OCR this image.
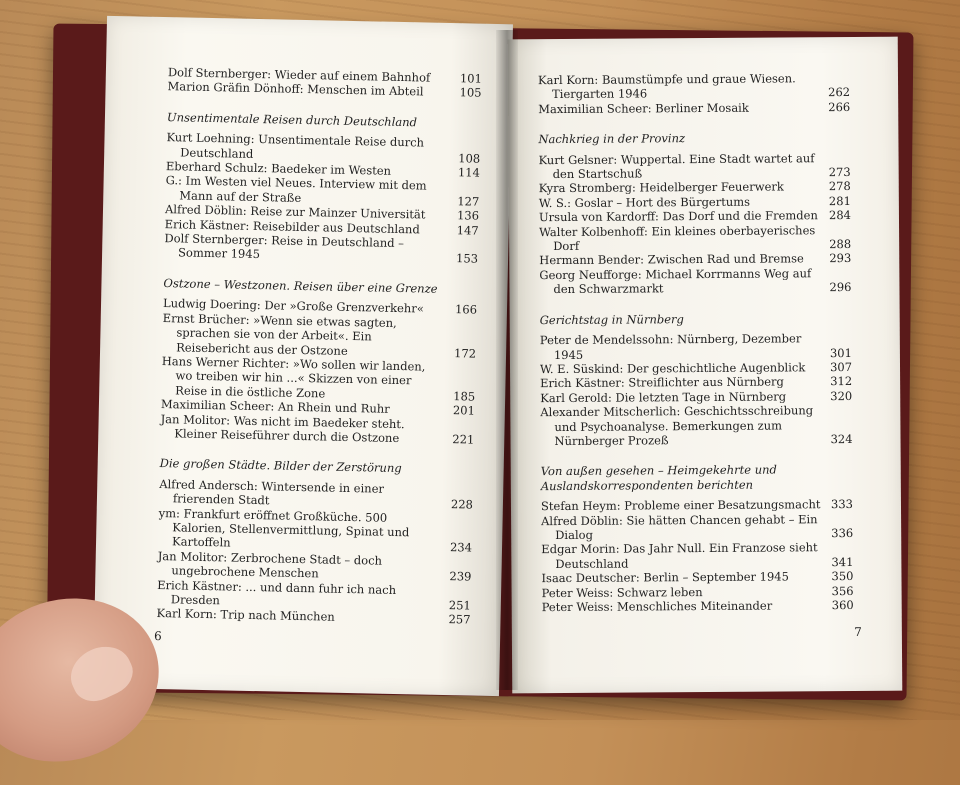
Dolf Sternberger: Wieder auf einem Bahnhof	101
Marion Gräfin Dönhoff: Menschen im Abteil	105
Unsentimentale Reisen durch Deutschland
Kurt Loehning: Unsentimentale Reise durch Deutschland	108
Eberhard Schulz: Baedeker im Westen	114
G.: Im Westen viel Neues. Interview mit dem Mann auf der Straße	127
Alfred Döblin: Reise zur Mainzer Universität	136
Erich Kästner: Reisebilder aus Deutschland	147
Dolf Sternberger: Reise in Deutschland – Sommer 1945	153
Ostzone – Westzonen. Reisen über eine Grenze
Ludwig Doering: Der »Große Grenzverkehr«	166
Ernst Brücher: »Wenn sie etwas sagten, sprachen sie von der Arbeit«. Ein Reisebericht aus der Ostzone	172
Hans Werner Richter: »Wo sollen wir landen, wo treiben wir hin ...« Skizzen von einer Reise in die östliche Zone	185
Maximilian Scheer: An Rhein und Ruhr	201
Jan Molitor: Was nicht im Baedeker steht. Kleiner Reiseführer durch die Ostzone	221
Die großen Städte. Bilder der Zerstörung
Alfred Andersch: Wintersende in einer frierenden Stadt	228
ym: Frankfurt eröffnet Großküche. 500 Kalorien, Stellenvermittlung, Spinat und Kartoffeln	234
Jan Molitor: Zerbrochene Stadt – doch ungebrochene Menschen	239
Erich Kästner: ... und dann fuhr ich nach Dresden	251
Karl Korn: Trip nach München	257
6
Karl Korn: Baumstümpfe und graue Wiesen. Tiergarten 1946	262
Maximilian Scheer: Berliner Mosaik	266
Nachkrieg in der Provinz
Kurt Gelsner: Wuppertal. Eine Stadt wartet auf den Startschuß	273
Kyra Stromberg: Heidelberger Feuerwerk	278
W. S.: Goslar – Hort des Bürgertums	281
Ursula von Kardorff: Das Dorf und die Fremden 284
Walter Kolbenhoff: Ein kleines oberbayerisches Dorf	288
Hermann Bender: Zwischen Rad und Bremse	293
Georg Neufforge: Michael Korrmanns Weg auf den Schwarzmarkt	296
Gerichtstag in Nürnberg
Peter de Mendelssohn: Nürnberg, Dezember 1945	301
W. E. Süskind: Der geschichtliche Augenblick	307
Erich Kästner: Streiflichter aus Nürnberg	312
Karl Gerold: Die letzten Tage in Nürnberg	320
Alexander Mitscherlich: Geschichtsschreibung und Psychoanalyse. Bemerkungen zum Nürnberger Prozeß	324
Von außen gesehen – Heimgekehrte und Auslandskorrespondenten berichten
Stefan Heym: Probleme einer Besatzungsmacht 333
Alfred Döblin: Sie hätten Chancen gehabt – Ein Dialog	336
Edgar Morin: Das Jahr Null. Ein Franzose sieht Deutschland	341
Isaac Deutscher: Berlin – September 1945	350
Peter Weiss: Schwarz leben	356
Peter Weiss: Menschliches Miteinander	360
7
